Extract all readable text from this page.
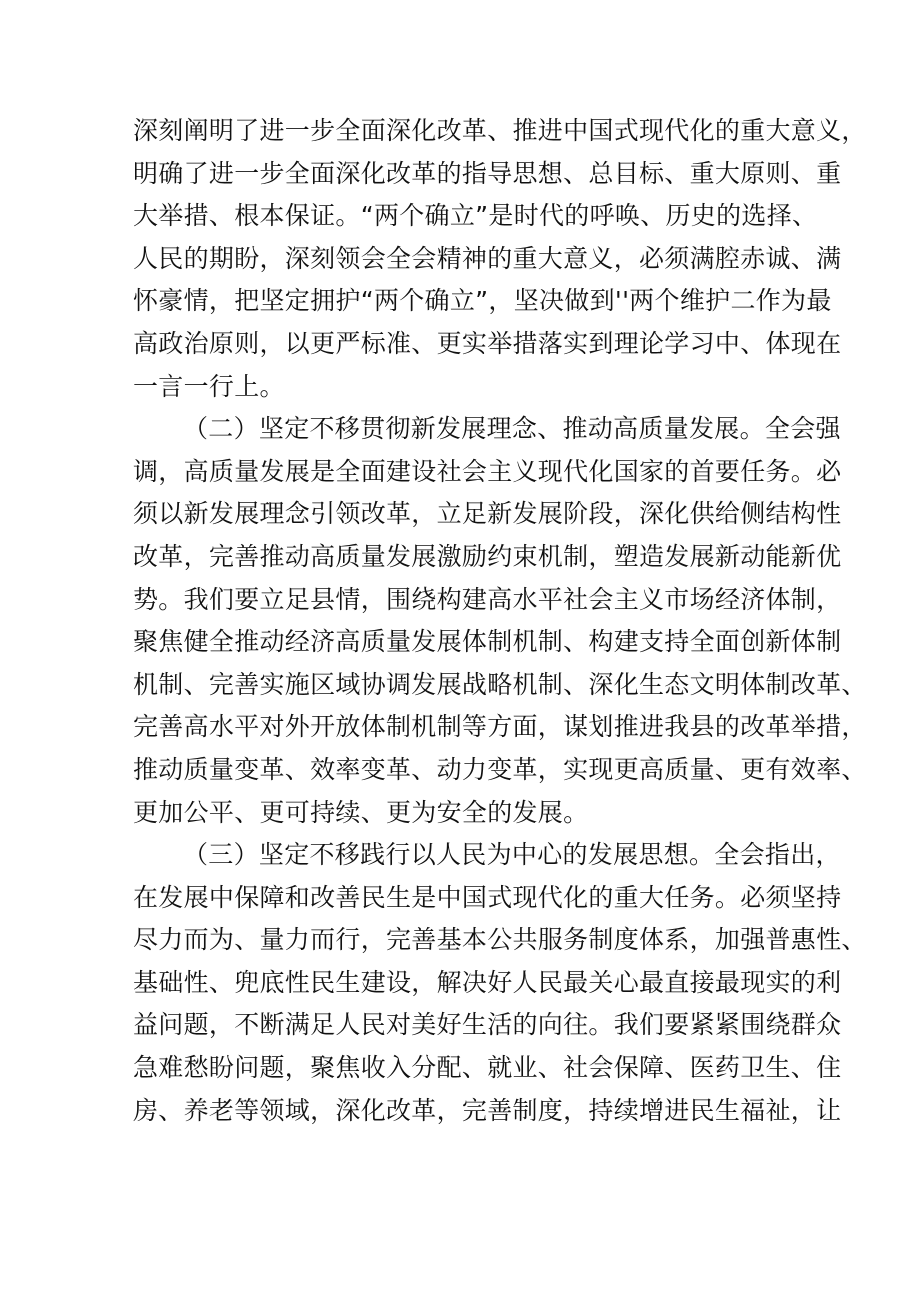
深刻阐明了进一步全面深化改革、推进中国式现代化的重大意义，
明确了进一步全面深化改革的指导思想、总目标、重大原则、重
大举措、根本保证。“两个确立”是时代的呼唤、历史的选择、
人民的期盼，深刻领会全会精神的重大意义，必须满腔赤诚、满
怀豪情，把坚定拥护“两个确立”，坚决做到''两个维护二作为最
高政治原则，以更严标准、更实举措落实到理论学习中、体现在
一言一行上。
（二）坚定不移贯彻新发展理念、推动高质量发展。全会强
调，高质量发展是全面建设社会主义现代化国家的首要任务。必
须以新发展理念引领改革，立足新发展阶段，深化供给侧结构性
改革，完善推动高质量发展激励约束机制，塑造发展新动能新优
势。我们要立足县情，围绕构建高水平社会主义市场经济体制，
聚焦健全推动经济高质量发展体制机制、构建支持全面创新体制
机制、完善实施区域协调发展战略机制、深化生态文明体制改革、
完善高水平对外开放体制机制等方面，谋划推进我县的改革举措，
推动质量变革、效率变革、动力变革，实现更高质量、更有效率、
更加公平、更可持续、更为安全的发展。
（三）坚定不移践行以人民为中心的发展思想。全会指出，
在发展中保障和改善民生是中国式现代化的重大任务。必须坚持
尽力而为、量力而行，完善基本公共服务制度体系，加强普惠性、
基础性、兜底性民生建设，解决好人民最关心最直接最现实的利
益问题，不断满足人民对美好生活的向往。我们要紧紧围绕群众
急难愁盼问题，聚焦收入分配、就业、社会保障、医药卫生、住
房、养老等领域，深化改革，完善制度，持续增进民生福祉，让
